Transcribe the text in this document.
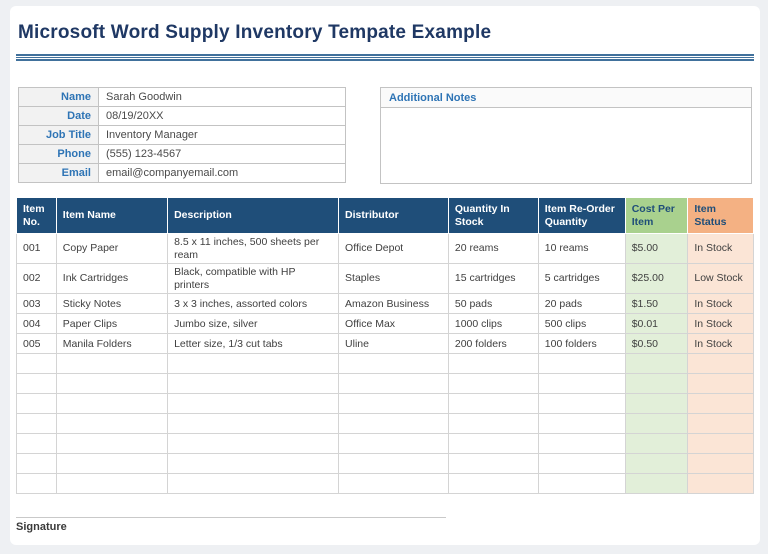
Microsoft Word Supply Inventory Tempate Example
Name	Sarah Goodwin
Date	08/19/20XX
Job Title	Inventory Manager
Phone	(555) 123-4567
Email	email@companyemail.com
Additional Notes
Item No.	Item Name	Description	Distributor	Quantity In Stock	Item Re-Order Quantity	Cost Per Item	Item Status
001	Copy Paper	8.5 x 11 inches, 500 sheets per ream	Office Depot	20 reams	10 reams	$5.00	In Stock
002	Ink Cartridges	Black, compatible with HP printers	Staples	15 cartridges	5 cartridges	$25.00	Low Stock
003	Sticky Notes	3 x 3 inches, assorted colors	Amazon Business	50 pads	20 pads	$1.50	In Stock
004	Paper Clips	Jumbo size, silver	Office Max	1000 clips	500 clips	$0.01	In Stock
005	Manila Folders	Letter size, 1/3 cut tabs	Uline	200 folders	100 folders	$0.50	In Stock

Signature
